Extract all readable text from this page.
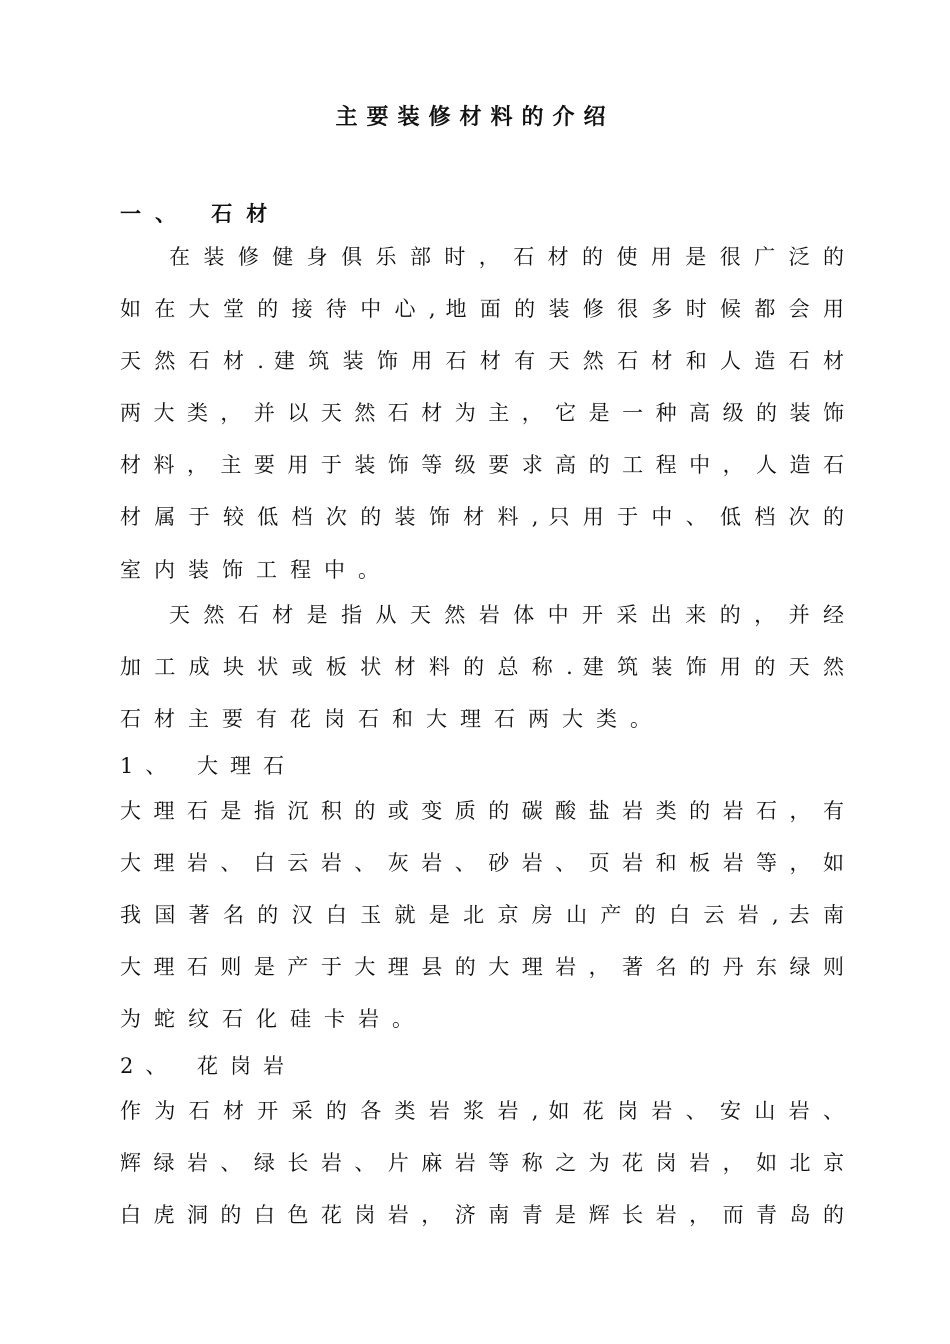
主要装修材料的介绍
一、 石材
在 装 修 健 身 俱 乐 部 时 ， 石 材 的 使 用 是 很 广 泛 的
如 在 大 堂 的 接 待 中 心 , 地 面 的 装 修 很 多 时 候 都 会 用
天 然 石 材 . 建 筑 装 饰 用 石 材 有 天 然 石 材 和 人 造 石 材
两 大 类 ， 并 以 天 然 石 材 为 主 ， 它 是 一 种 高 级 的 装 饰
材 料 ， 主 要 用 于 装 饰 等 级 要 求 高 的 工 程 中 ， 人 造 石
材 属 于 较 低 档 次 的 装 饰 材 料 , 只 用 于 中 、 低 档 次 的
室内装饰工程中。
天 然 石 材 是 指 从 天 然 岩 体 中 开 采 出 来 的 ， 并 经
加 工 成 块 状 或 板 状 材 料 的 总 称 . 建 筑 装 饰 用 的 天 然
石材主要有花岗石和大理石两大类。
1、 大理石
大 理 石 是 指 沉 积 的 或 变 质 的 碳 酸 盐 岩 类 的 岩 石 ， 有
大 理 岩 、 白 云 岩 、 灰 岩 、 砂 岩 、 页 岩 和 板 岩 等 ， 如
我 国 著 名 的 汉 白 玉 就 是 北 京 房 山 产 的 白 云 岩 , 去 南
大 理 石 则 是 产 于 大 理 县 的 大 理 岩 ， 著 名 的 丹 东 绿 则
为蛇纹石化硅卡岩。
2、 花岗岩
作 为 石 材 开 采 的 各 类 岩 浆 岩 , 如 花 岗 岩 、 安 山 岩 、
辉 绿 岩 、 绿 长 岩 、 片 麻 岩 等 称 之 为 花 岗 岩 ， 如 北 京
白 虎 洞 的 白 色 花 岗 岩 ， 济 南 青 是 辉 长 岩 ， 而 青 岛 的
